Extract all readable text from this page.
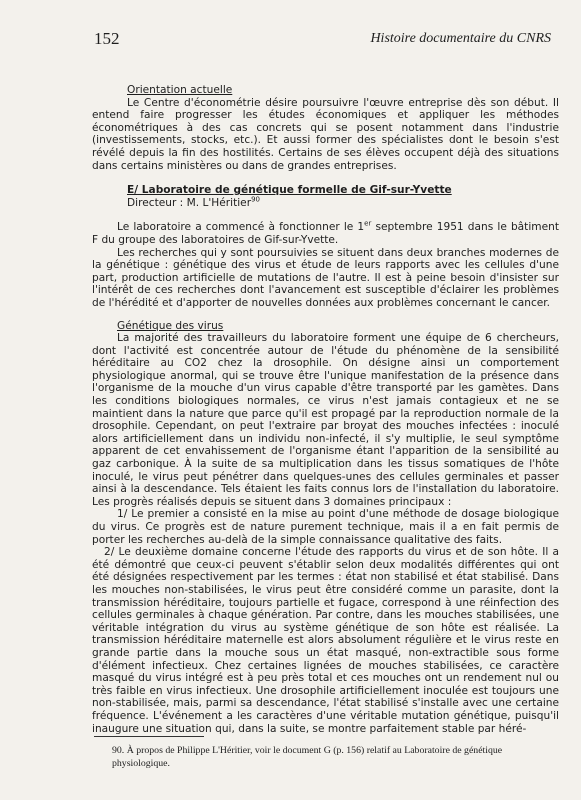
152	Histoire documentaire du CNRS

Orientation actuelle

Le Centre d'économétrie désire poursuivre l'œuvre entreprise dès son début. Il entend faire progresser les études économiques et appliquer les méthodes économétriques à des cas concrets qui se posent notamment dans l'industrie (investissements, stocks, etc.). Et aussi former des spécialistes dont le besoin s'est révélé depuis la fin des hostilités. Certains de ses élèves occupent déjà des situations dans certains ministères ou dans de grandes entreprises.

E/ Laboratoire de génétique formelle de Gif-sur-Yvette

Directeur : M. L'Héritier$^{90}$

Le laboratoire a commencé à fonctionner le 1er septembre 1951 dans le bâtiment F du groupe des laboratoires de Gif-sur-Yvette.

Les recherches qui y sont poursuivies se situent dans deux branches modernes de la génétique : génétique des virus et étude de leurs rapports avec les cellules d'une part, production artificielle de mutations de l'autre. Il est à peine besoin d'insister sur l'intérêt de ces recherches dont l'avancement est susceptible d'éclairer les problèmes de l'hérédité et d'apporter de nouvelles données aux problèmes concernant le cancer.

Génétique des virus

La majorité des travailleurs du laboratoire forment une équipe de 6 chercheurs, dont l'activité est concentrée autour de l'étude du phénomène de la sensibilité héréditaire au CO2 chez la drosophile. On désigne ainsi un comportement physiologique anormal, qui se trouve être l'unique manifestation de la présence dans l'organisme de la mouche d'un virus capable d'être transporté par les gamètes. Dans les conditions biologiques normales, ce virus n'est jamais contagieux et ne se maintient dans la nature que parce qu'il est propagé par la reproduction normale de la drosophile. Cependant, on peut l'extraire par broyat des mouches infectées : inoculé alors artificiellement dans un individu non-infecté, il s'y multiplie, le seul symptôme apparent de cet envahissement de l'organisme étant l'apparition de la sensibilité au gaz carbonique. À la suite de sa multiplication dans les tissus somatiques de l'hôte inoculé, le virus peut pénétrer dans quelques-unes des cellules germinales et passer ainsi à la descendance. Tels étaient les faits connus lors de l'installation du laboratoire. Les progrès réalisés depuis se situent dans 3 domaines principaux :

1/ Le premier a consisté en la mise au point d'une méthode de dosage biologique du virus. Ce progrès est de nature purement technique, mais il a en fait permis de porter les recherches au-delà de la simple connaissance qualitative des faits.

2/ Le deuxième domaine concerne l'étude des rapports du virus et de son hôte. Il a été démontré que ceux-ci peuvent s'établir selon deux modalités différentes qui ont été désignées respectivement par les termes : état non stabilisé et état stabilisé. Dans les mouches non-stabilisées, le virus peut être considéré comme un parasite, dont la transmission héréditaire, toujours partielle et fugace, correspond à une réinfection des cellules germinales à chaque génération. Par contre, dans les mouches stabilisées, une véritable intégration du virus au système génétique de son hôte est réalisée. La transmission héréditaire maternelle est alors absolument régulière et le virus reste en grande partie dans la mouche sous un état masqué, non-extractible sous forme d'élément infectieux. Chez certaines lignées de mouches stabilisées, ce caractère masqué du virus intégré est à peu près total et ces mouches ont un rendement nul ou très faible en virus infectieux. Une drosophile artificiellement inoculée est toujours une non-stabilisée, mais, parmi sa descendance, l'état stabilisé s'installe avec une certaine fréquence. L'événement a les caractères d'une véritable mutation génétique, puisqu'il inaugure une situation qui, dans la suite, se montre parfaitement stable par héré-

90. À propos de Philippe L'Héritier, voir le document G (p. 156) relatif au Laboratoire de génétique physiologique.
